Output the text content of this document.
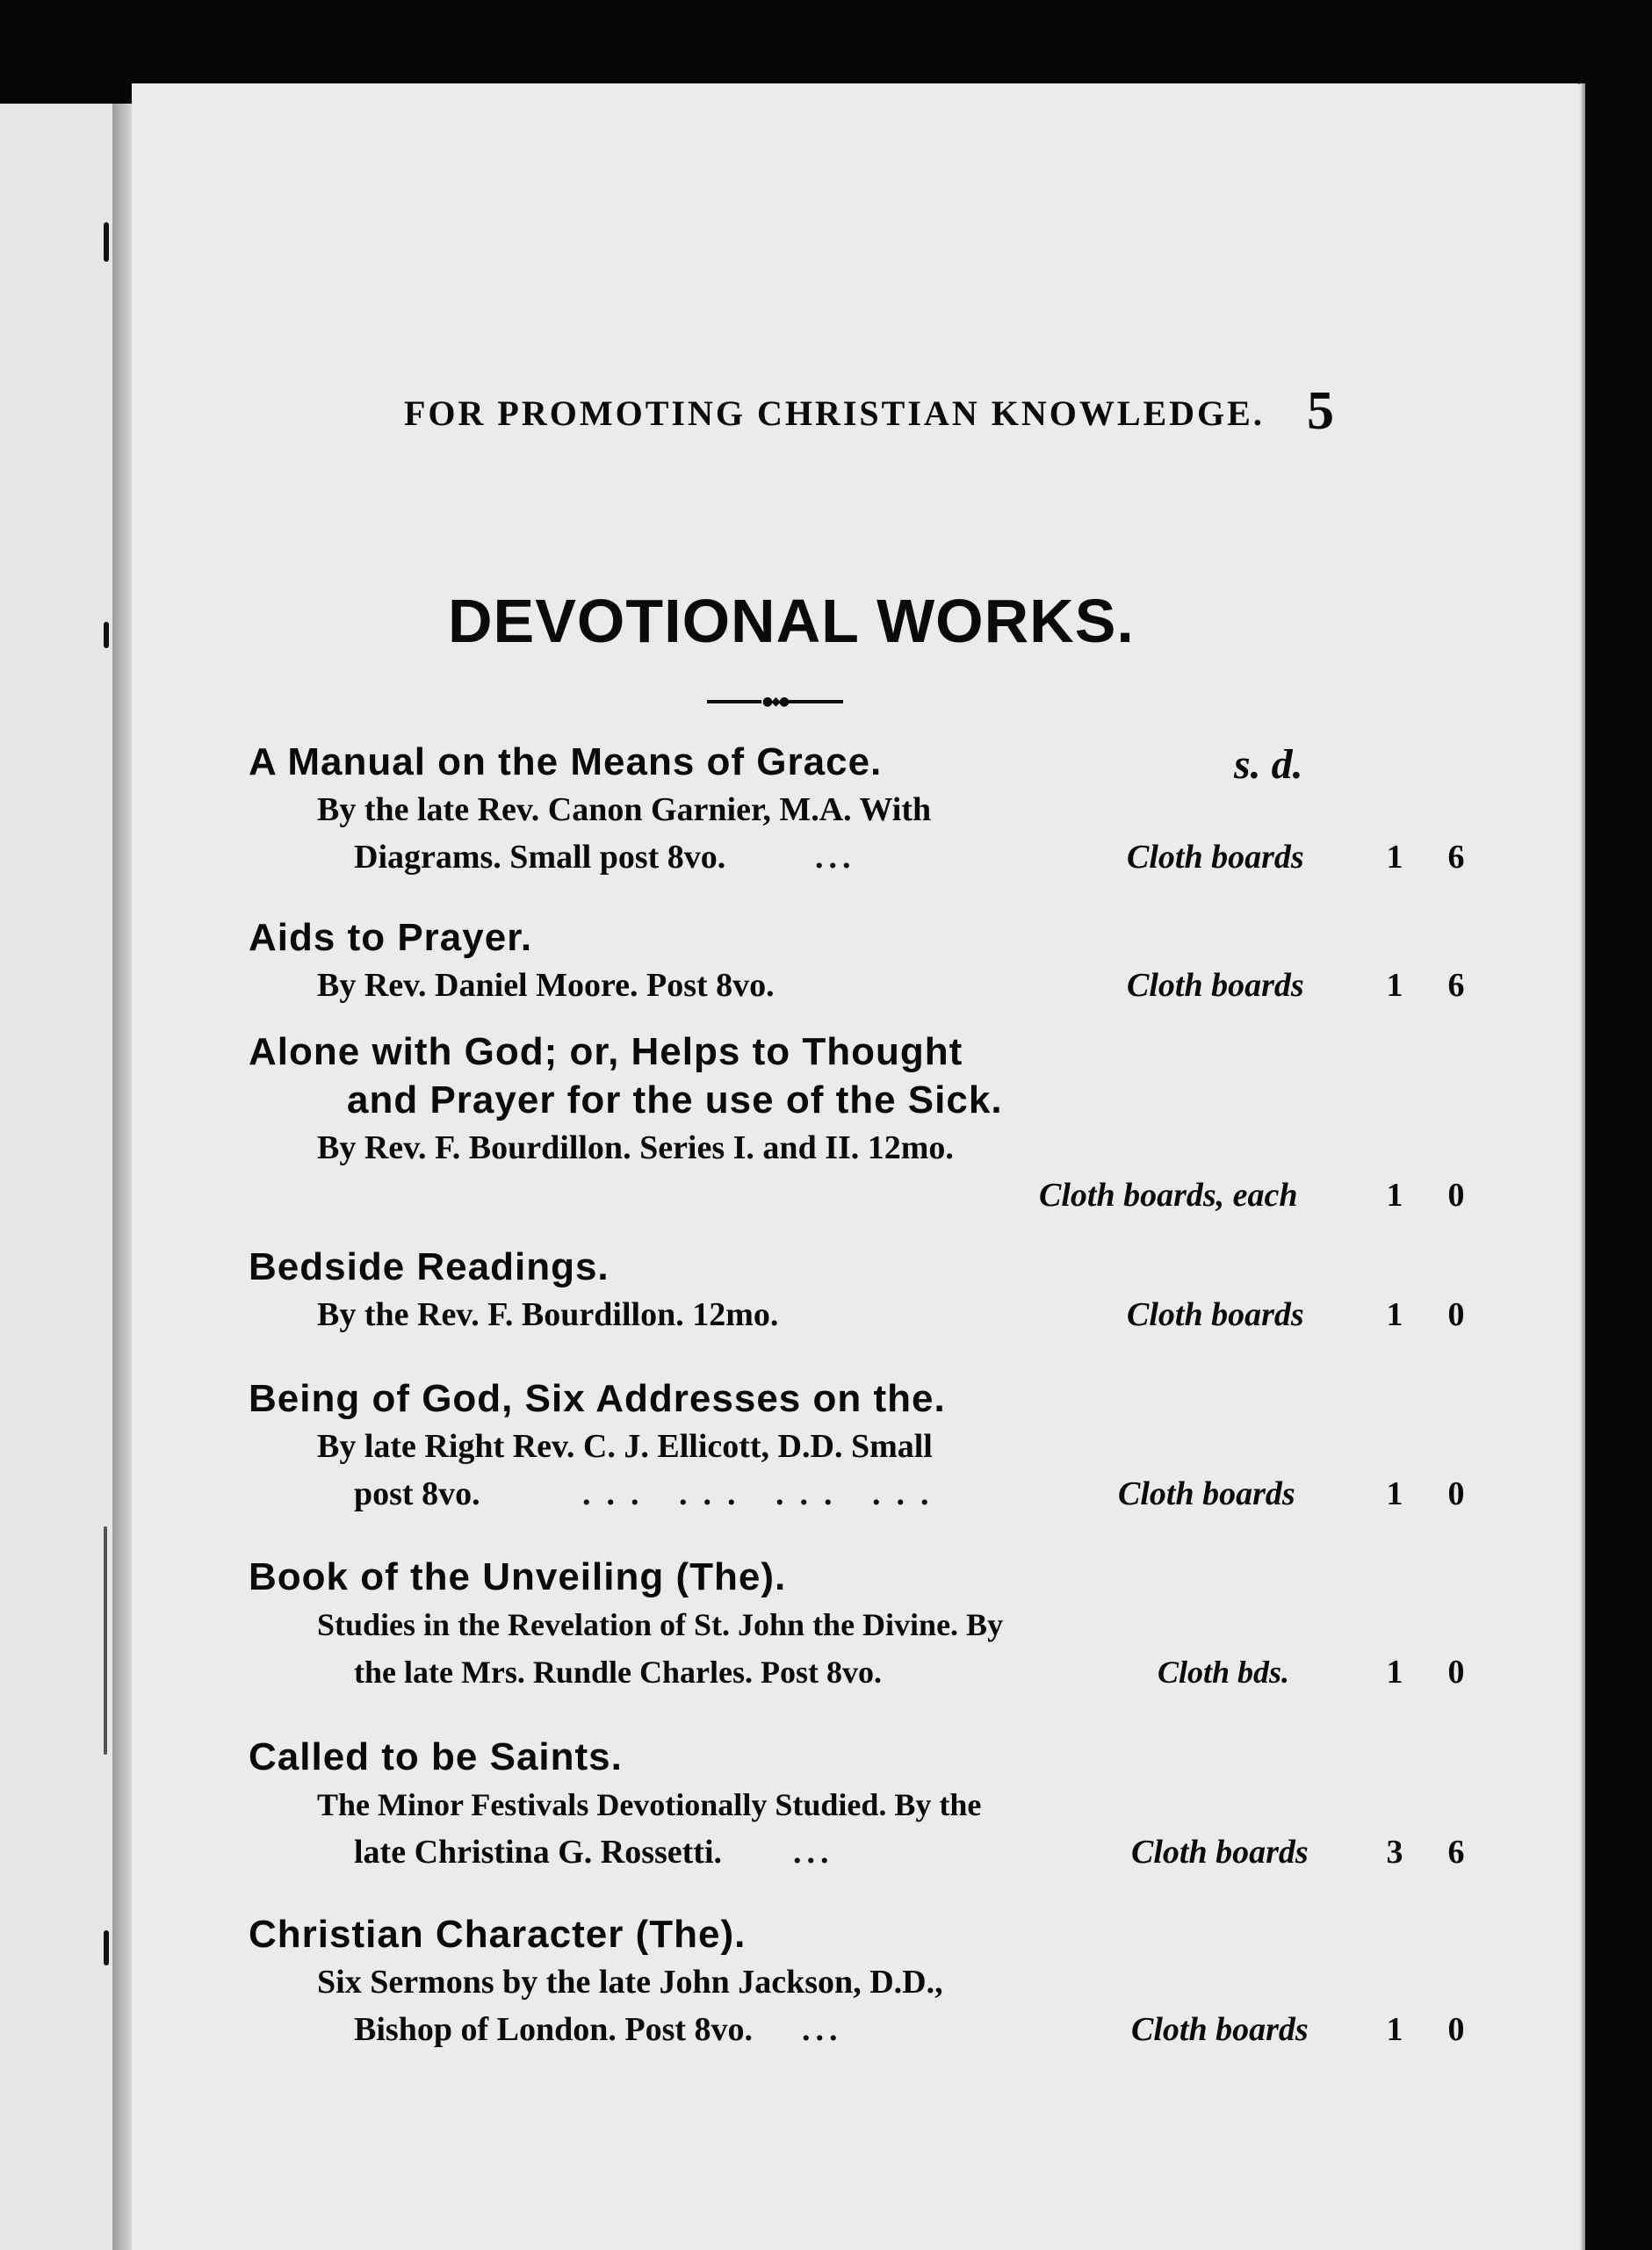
FOR PROMOTING CHRISTIAN KNOWLEDGE. 5
DEVOTIONAL WORKS.
●◆●
s. d.
A Manual on the Means of Grace.
By the late Rev. Canon Garnier, M.A. With
Diagrams. Small post 8vo.	...	Cloth boards 1 6
Aids to Prayer.
By Rev. Daniel Moore. Post 8vo.	Cloth boards 1 6
Alone with God; or, Helps to Thought
and Prayer for the use of the Sick.
By Rev. F. Bourdillon. Series I. and II. 12mo.
Cloth boards, each	1 0
Bedside Readings.
By the Rev. F. Bourdillon. 12mo.	Cloth boards 1 0
Being of God, Six Addresses on the.
By late Right Rev. C. J. Ellicott, D.D. Small
post 8vo.	... ... ... ...	Cloth boards	1 0
Book of the Unveiling (The).
Studies in the Revelation of St. John the Divine. By
the late Mrs. Rundle Charles. Post 8vo.	Cloth bds.	1 0
Called to be Saints.
The Minor Festivals Devotionally Studied. By the
late Christina G. Rossetti. ...	Cloth boards 3 6
Christian Character (The).
Six Sermons by the late John Jackson, D.D.,
Bishop of London. Post 8vo. ...	Cloth boards 1 0
